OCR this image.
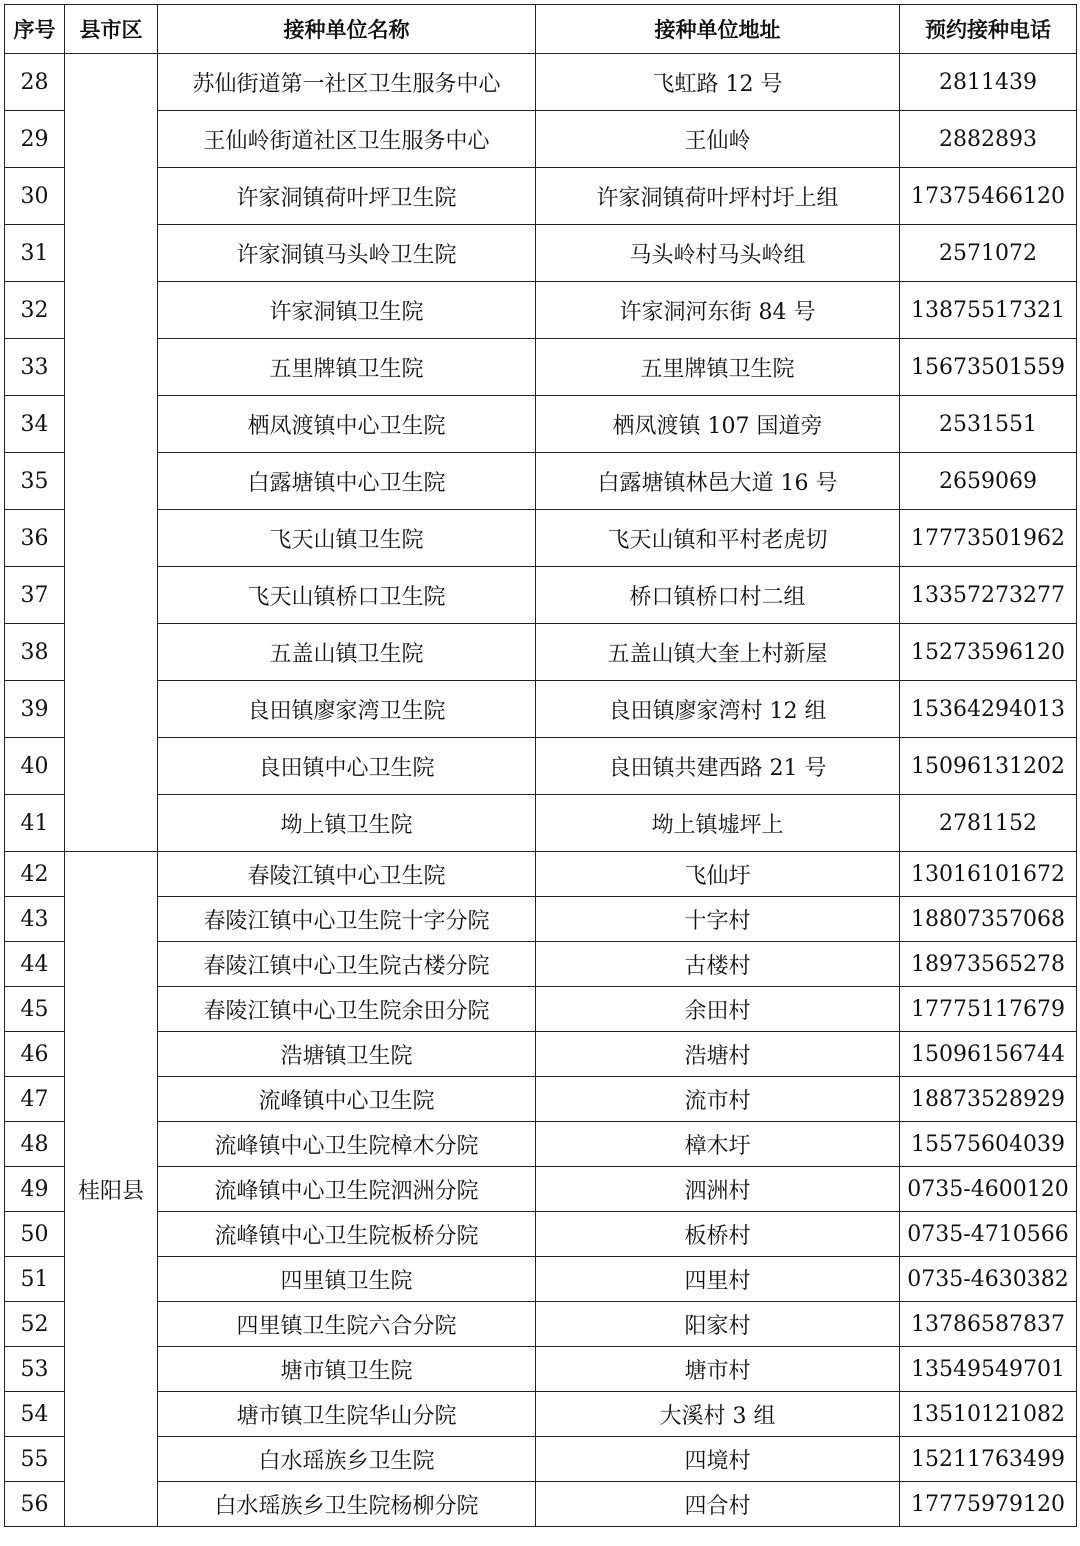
序号	县市区	接种单位名称	接种单位地址	预约接种电话
28		苏仙街道第一社区卫生服务中心	飞虹路 12 号	2811439
29		王仙岭街道社区卫生服务中心	王仙岭	2882893
30		许家洞镇荷叶坪卫生院	许家洞镇荷叶坪村圩上组	17375466120
31		许家洞镇马头岭卫生院	马头岭村马头岭组	2571072
32		许家洞镇卫生院	许家洞河东街 84 号	13875517321
33		五里牌镇卫生院	五里牌镇卫生院	15673501559
34		栖凤渡镇中心卫生院	栖凤渡镇 107 国道旁	2531551
35		白露塘镇中心卫生院	白露塘镇林邑大道 16 号	2659069
36		飞天山镇卫生院	飞天山镇和平村老虎切	17773501962
37		飞天山镇桥口卫生院	桥口镇桥口村二组	13357273277
38		五盖山镇卫生院	五盖山镇大奎上村新屋	15273596120
39		良田镇廖家湾卫生院	良田镇廖家湾村 12 组	15364294013
40		良田镇中心卫生院	良田镇共建西路 21 号	15096131202
41		坳上镇卫生院	坳上镇墟坪上	2781152
42	桂阳县	春陵江镇中心卫生院	飞仙圩	13016101672
43		春陵江镇中心卫生院十字分院	十字村	18807357068
44		春陵江镇中心卫生院古楼分院	古楼村	18973565278
45		春陵江镇中心卫生院余田分院	余田村	17775117679
46		浩塘镇卫生院	浩塘村	15096156744
47		流峰镇中心卫生院	流市村	18873528929
48		流峰镇中心卫生院樟木分院	樟木圩	15575604039
49		流峰镇中心卫生院泗洲分院	泗洲村	0735-4600120
50		流峰镇中心卫生院板桥分院	板桥村	0735-4710566
51		四里镇卫生院	四里村	0735-4630382
52		四里镇卫生院六合分院	阳家村	13786587837
53		塘市镇卫生院	塘市村	13549549701
54		塘市镇卫生院华山分院	大溪村 3 组	13510121082
55		白水瑶族乡卫生院	四境村	15211763499
56		白水瑶族乡卫生院杨柳分院	四合村	17775979120
